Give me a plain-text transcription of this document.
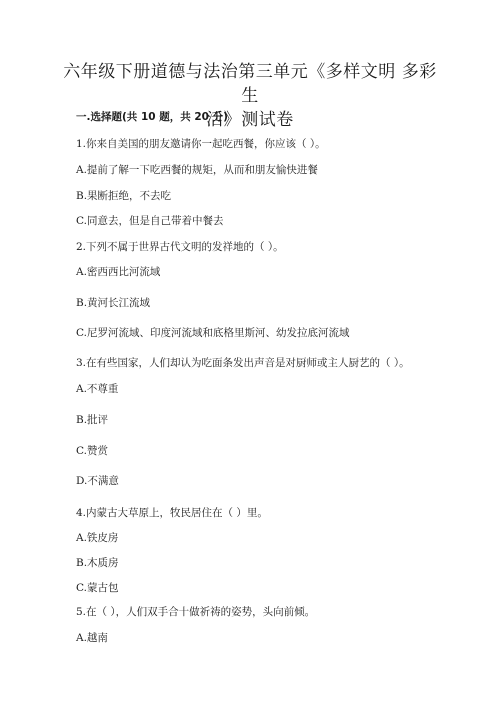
六年级下册道德与法治第三单元《多样文明 多彩生
活》测试卷
一.选择题(共 10 题，共 20 分)
1.你来自美国的朋友邀请你一起吃西餐，你应该（ ）。
A.提前了解一下吃西餐的规矩，从而和朋友愉快进餐
B.果断拒绝，不去吃
C.同意去，但是自己带着中餐去
2.下列不属于世界古代文明的发祥地的（ ）。
A.密西西比河流域
B.黄河长江流域
C.尼罗河流域、印度河流域和底格里斯河、幼发拉底河流域
3.在有些国家，人们却认为吃面条发出声音是对厨师或主人厨艺的（ ）。
A.不尊重
B.批评
C.赞赏
D.不满意
4.内蒙古大草原上，牧民居住在（ ）里。
A.铁皮房
B.木质房
C.蒙古包
5.在（ ），人们双手合十做祈祷的姿势，头向前倾。
A.越南
